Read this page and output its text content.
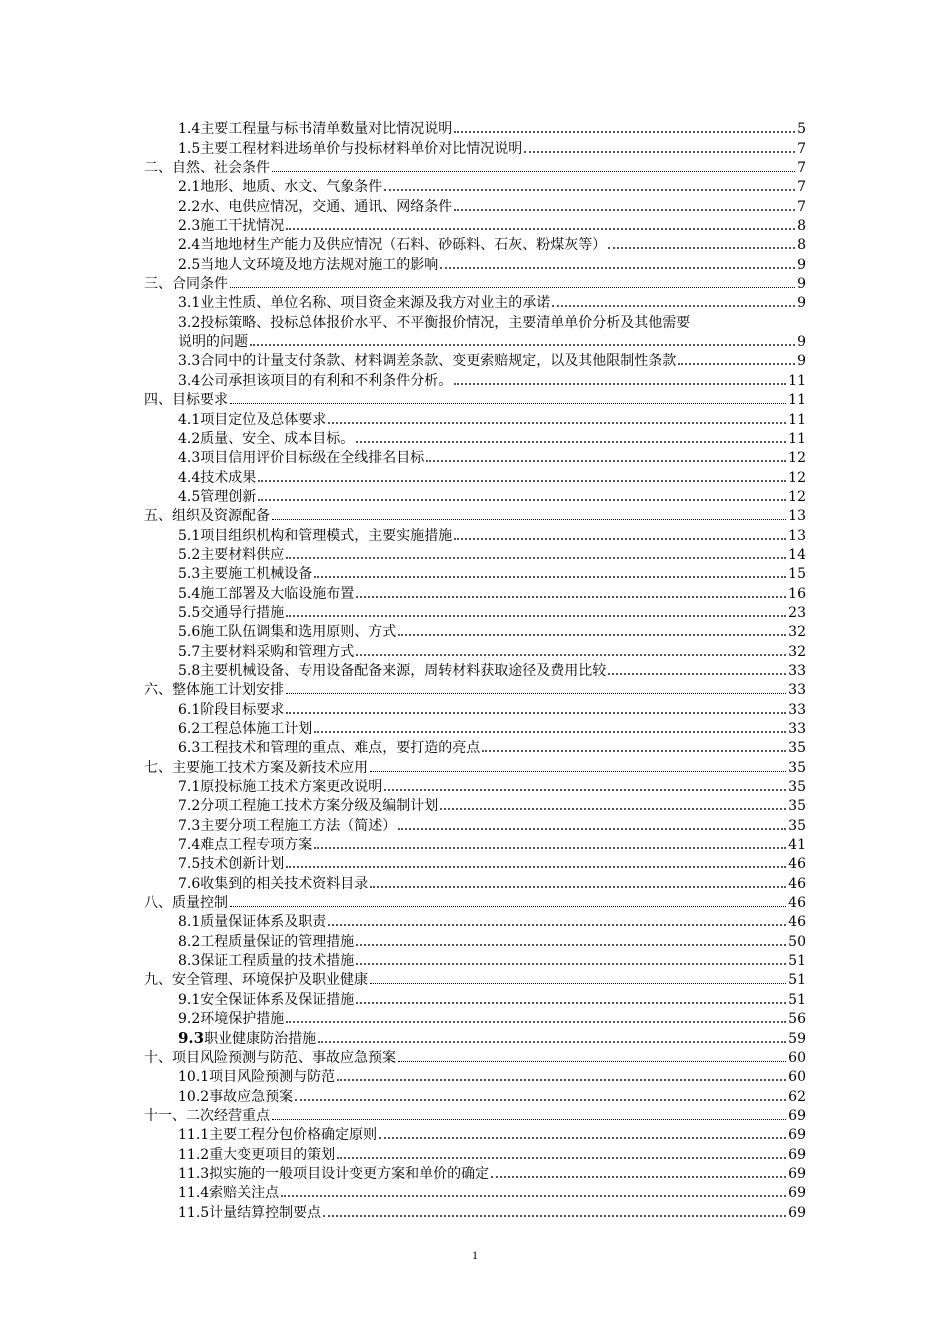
1.4主要工程量与标书清单数量对比情况说明	5
1.5主要工程材料进场单价与投标材料单价对比情况说明	7
二、自然、社会条件	7
2.1地形、地质、水文、气象条件	7
2.2水、电供应情况，交通、通讯、网络条件	7
2.3施工干扰情况	8
2.4当地地材生产能力及供应情况（石料、砂砾料、石灰、粉煤灰等）	8
2.5当地人文环境及地方法规对施工的影响	9
三、合同条件	9
3.1业主性质、单位名称、项目资金来源及我方对业主的承诺	9
3.2投标策略、投标总体报价水平、不平衡报价情况，主要清单单价分析及其他需要
说明的问题	9
3.3合同中的计量支付条款、材料调差条款、变更索赔规定，以及其他限制性条款	9
3.4公司承担该项目的有利和不利条件分析。	11
四、目标要求	11
4.1项目定位及总体要求	11
4.2质量、安全、成本目标。	11
4.3项目信用评价目标级在全线排名目标	12
4.4技术成果	12
4.5管理创新	12
五、组织及资源配备	13
5.1项目组织机构和管理模式，主要实施措施	13
5.2主要材料供应	14
5.3主要施工机械设备	15
5.4施工部署及大临设施布置	16
5.5交通导行措施	23
5.6施工队伍调集和选用原则、方式	32
5.7主要材料采购和管理方式	32
5.8主要机械设备、专用设备配备来源，周转材料获取途径及费用比较	33
六、整体施工计划安排	33
6.1阶段目标要求	33
6.2工程总体施工计划	33
6.3工程技术和管理的重点、难点，要打造的亮点	35
七、主要施工技术方案及新技术应用	35
7.1原投标施工技术方案更改说明	35
7.2分项工程施工技术方案分级及编制计划	35
7.3主要分项工程施工方法（简述）	35
7.4难点工程专项方案	41
7.5技术创新计划	46
7.6收集到的相关技术资料目录	46
八、质量控制	46
8.1质量保证体系及职责	46
8.2工程质量保证的管理措施	50
8.3保证工程质量的技术措施	51
九、安全管理、环境保护及职业健康	51
9.1安全保证体系及保证措施	51
9.2环境保护措施	56
9.3职业健康防治措施	59
十、项目风险预测与防范、事故应急预案	60
10.1项目风险预测与防范	60
10.2事故应急预案	62
十一、二次经营重点	69
11.1主要工程分包价格确定原则	69
11.2重大变更项目的策划	69
11.3拟实施的一般项目设计变更方案和单价的确定	69
11.4索赔关注点	69
11.5计量结算控制要点	69
1
